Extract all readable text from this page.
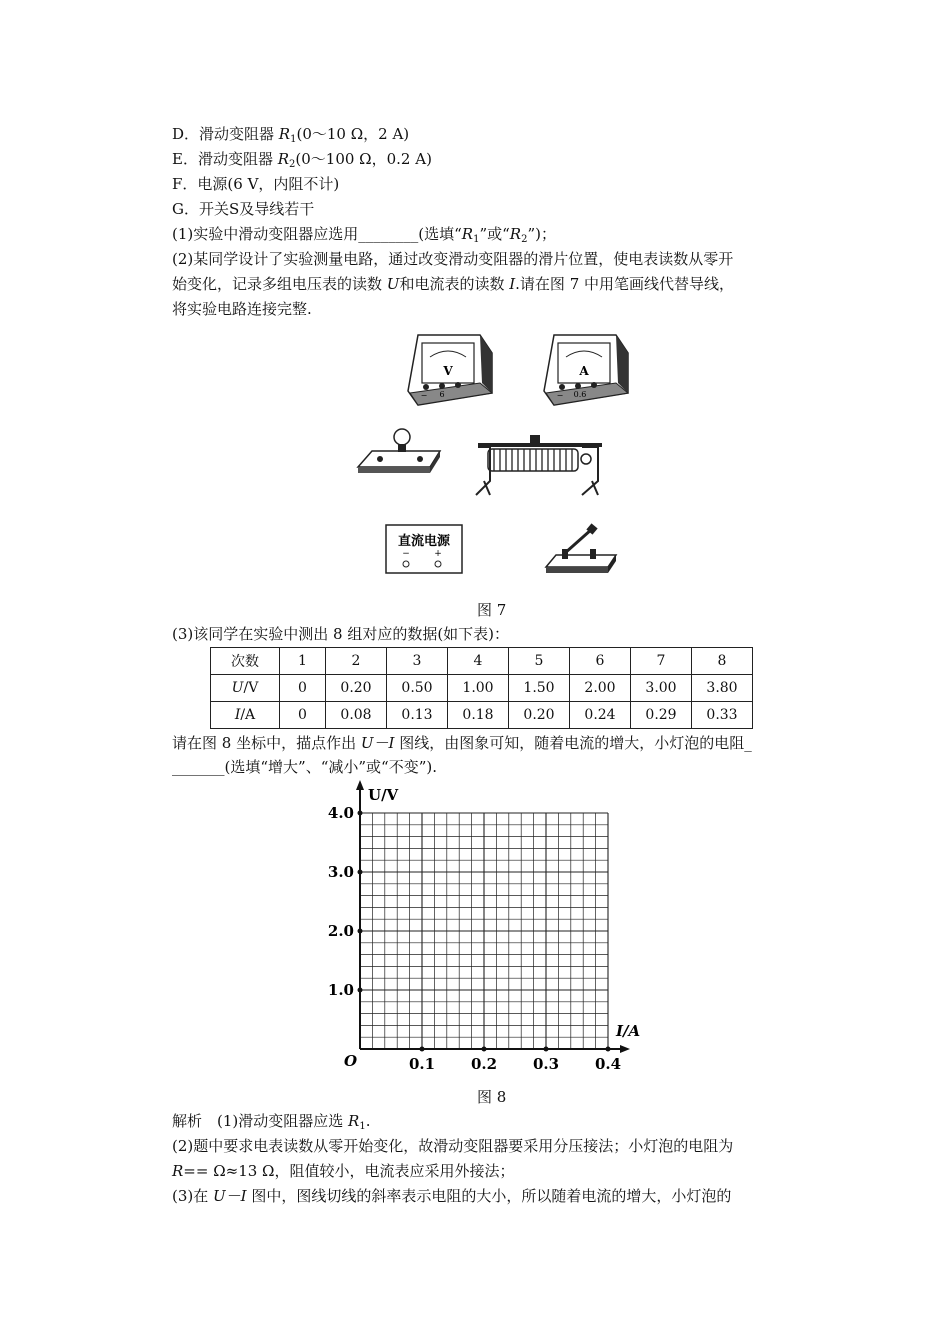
D．滑动变阻器 $R_1(0\sim 10$ Ω，2 A)
E．滑动变阻器 $R_2(0\sim 100$ Ω，0.2 A)
F．电源(6 V，内阻不计)
G．开关S及导线若干
(1)实验中滑动变阻器应选用________(选填“$R_1$”或“$R_2$”)；
(2)某同学设计了实验测量电路，通过改变滑动变阻器的滑片位置，使电表读数从零开
始变化，记录多组电压表的读数 U和电流表的读数 I.请在图 7 中用笔画线代替导线，
将实验电路连接完整.
V
− 6
A
− 0.6
直流电源
−	+
图 7
(3)该同学在实验中测出 8 组对应的数据(如下表)：
次数	1	2	3	4	5	6	7	8
U/V	0	0.20	0.50	1.00	1.50	2.00	3.00	3.80
I/A	0	0.08	0.13	0.18	0.20	0.24	0.29	0.33
请在图 8 坐标中，描点作出 U－I 图线，由图象可知，随着电流的增大，小灯泡的电阻_
_______(选填“增大”、“减小”或“不变”).
U/V
I/A
O
1.0
2.0
3.0
4.0
0.1 0.2 0.3 0.4
图 8
解析　(1)滑动变阻器应选 $R_1$.
(2)题中要求电表读数从零开始变化，故滑动变阻器要采用分压接法；小灯泡的电阻为
R== Ω≈13 Ω，阻值较小，电流表应采用外接法；
(3)在 U－I 图中，图线切线的斜率表示电阻的大小，所以随着电流的增大，小灯泡的
